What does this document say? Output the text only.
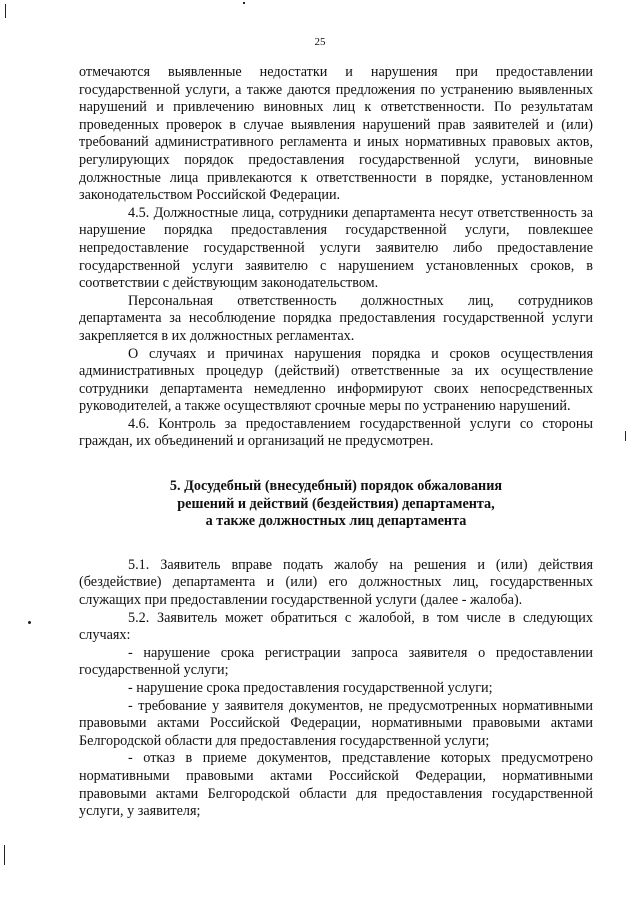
25

отмечаются выявленные недостатки и нарушения при предоставлении государственной услуги, а также даются предложения по устранению выявленных нарушений и привлечению виновных лиц к ответственности. По результатам проведенных проверок в случае выявления нарушений прав заявителей и (или) требований административного регламента и иных нормативных правовых актов, регулирующих порядок предоставления государственной услуги, виновные должностные лица привлекаются к ответственности в порядке, установленном законодательством Российской Федерации.

4.5. Должностные лица, сотрудники департамента несут ответственность за нарушение порядка предоставления государственной услуги, повлекшее непредоставление государственной услуги заявителю либо предоставление государственной услуги заявителю с нарушением установленных сроков, в соответствии с действующим законодательством.

Персональная ответственность должностных лиц, сотрудников департамента за несоблюдение порядка предоставления государственной услуги закрепляется в их должностных регламентах.

О случаях и причинах нарушения порядка и сроков осуществления административных процедур (действий) ответственные за их осуществление сотрудники департамента немедленно информируют своих непосредственных руководителей, а также осуществляют срочные меры по устранению нарушений.

4.6. Контроль за предоставлением государственной услуги со стороны граждан, их объединений и организаций не предусмотрен.

5. Досудебный (внесудебный) порядок обжалования
решений и действий (бездействия) департамента,
а также должностных лиц департамента

5.1. Заявитель вправе подать жалобу на решения и (или) действия (бездействие) департамента и (или) его должностных лиц, государственных служащих при предоставлении государственной услуги (далее - жалоба).

5.2. Заявитель может обратиться с жалобой, в том числе в следующих случаях:

- нарушение срока регистрации запроса заявителя о предоставлении государственной услуги;

- нарушение срока предоставления государственной услуги;

- требование у заявителя документов, не предусмотренных нормативными правовыми актами Российской Федерации, нормативными правовыми актами Белгородской области для предоставления государственной услуги;

- отказ в приеме документов, представление которых предусмотрено нормативными правовыми актами Российской Федерации, нормативными правовыми актами Белгородской области для предоставления государственной услуги, у заявителя;
